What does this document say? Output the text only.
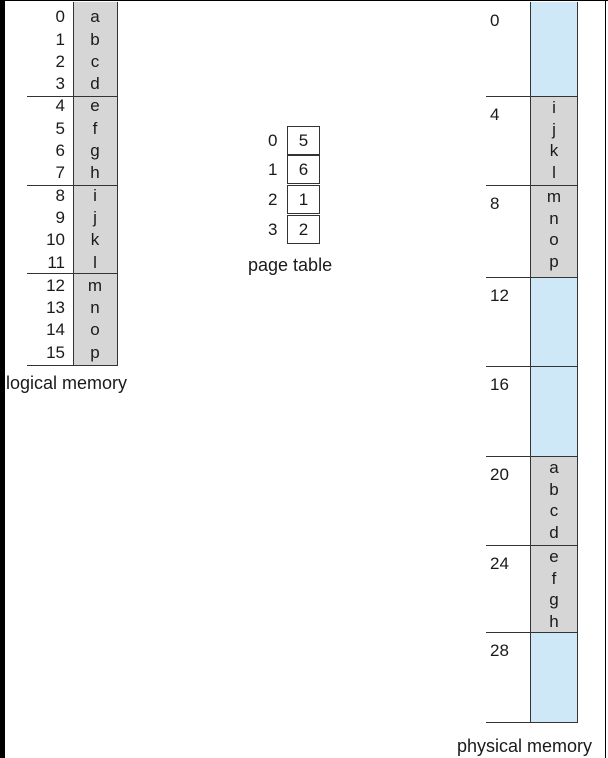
0	a
1	b
2	c
3	d
4	e
5	f
6	g
7	h
8	i
9	j
10	k
11	l
12	m
13	n
14	o
15	p
logical memory
0	5
1	6
2	1
3	2
page table
0
4	i
j
k
l
8	m
n
o
p
12
16
20	a
b
c
d
24	e
f
g
h
28
physical memory
